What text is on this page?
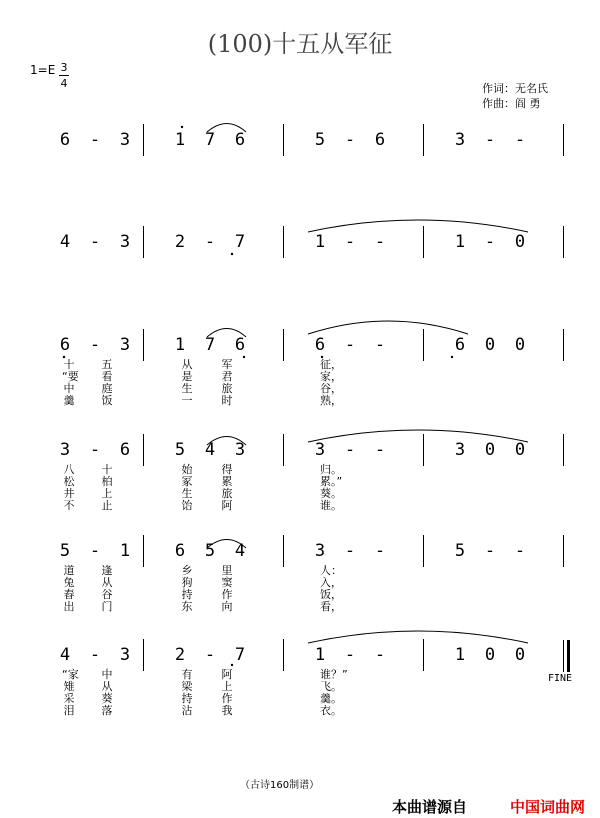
(100)十五从军征
1=E 3
4	作词：无名氏
作曲：阎 勇
6 - 3	1 7 6	5 - 6	3 - -
4 - 3	2 - 7	1 - -	1 - 0
6 - 3	1 7 6	6 - -	6 0 0
十 五	从	军	征，
“要 看	是	君	家，
中 庭	生	旅	谷，
羹 饭	一	时	熟，
3 - 6	5 4 3	3 - -	3 0 0
八 十	始	得	归。
松 柏	冢	累	累。”
井 上	生	旅	葵。
不 止	饴	阿	谁。
5 - 1	6 5 4	3 - -	5 - -
道 逢	乡	里	人：
兔 从	狗	窦	入，
舂 谷	持	作	饭，
出 门	东	向	看，
4 - 3	2 - 7	1 - -	1 0 0
“家 中	有	阿	谁？”
雉 从	梁	上	飞。
采 葵	持	作	羹。
泪 落	沾	我	衣。
FINE
（古诗160制谱）
本曲谱源自	中国词曲网
